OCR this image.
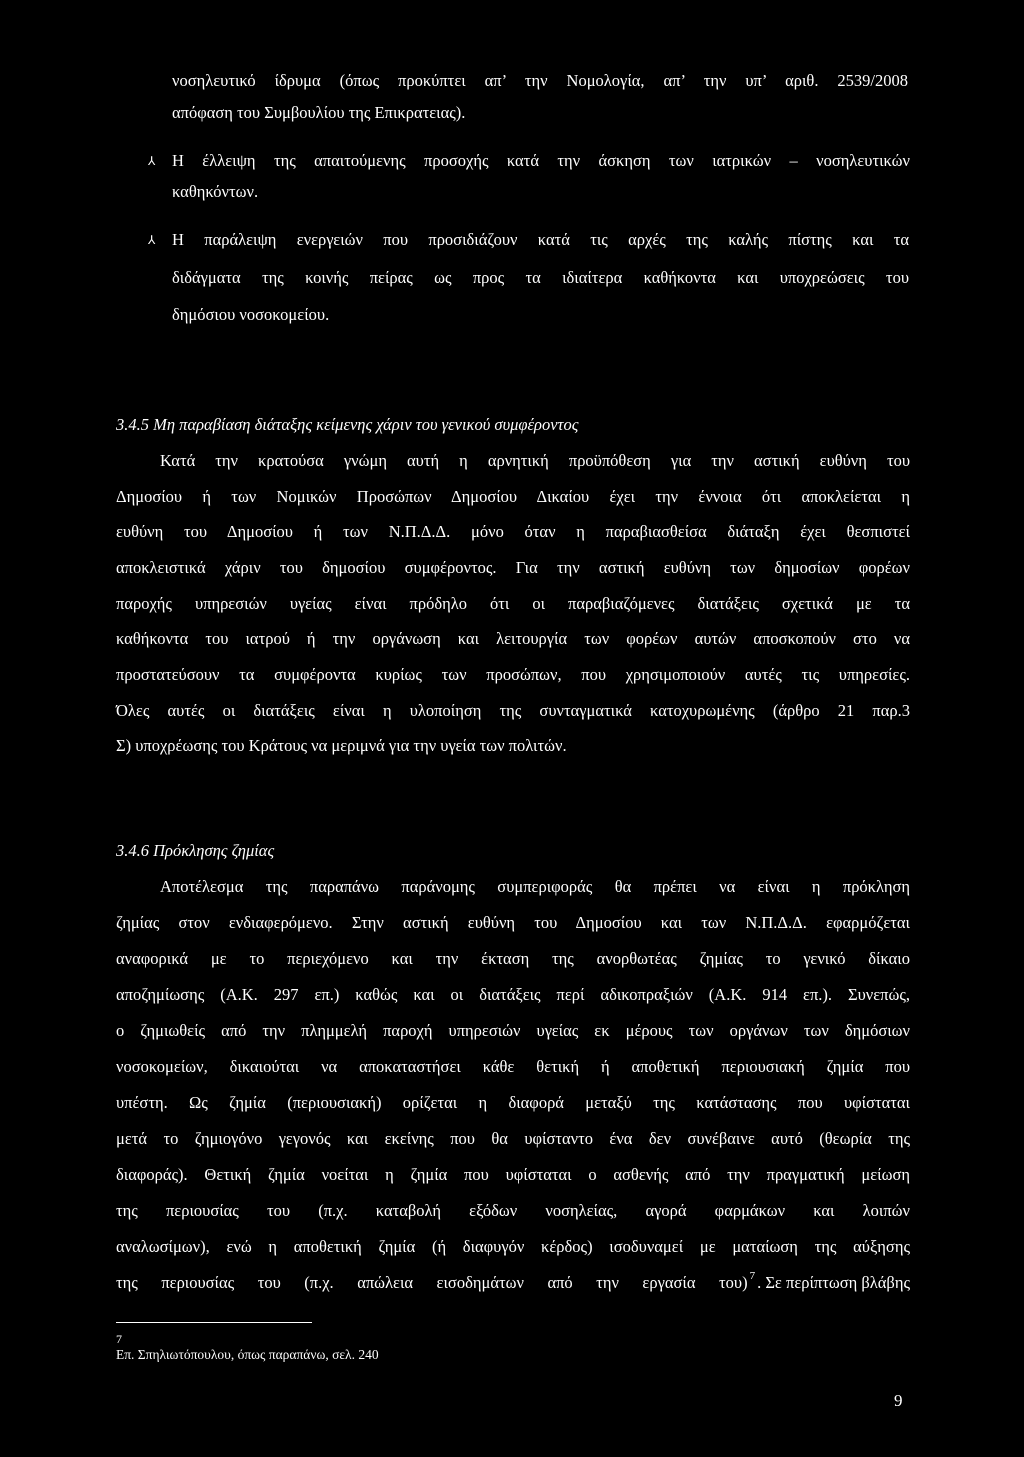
νοσηλευτικό ίδρυμα (όπως προκύπτει απ’ την Νομολογία, απ’ την υπ’ αριθ. 2539/2008
απόφαση του Συμβουλίου της Επικρατειας).
⅄ Η έλλειψη της απαιτούμενης προσοχής κατά την άσκηση των ιατρικών – νοσηλευτικών
καθηκόντων.
⅄ Η παράλειψη ενεργειών που προσιδιάζουν κατά τις αρχές της καλής πίστης και τα
διδάγματα της κοινής πείρας ως προς τα ιδιαίτερα καθήκοντα και υποχρεώσεις του
δημόσιου νοσοκομείου.
3.4.5 Μη παραβίαση διάταξης κείμενης χάριν του γενικού συμφέροντος
Κατά την κρατούσα γνώμη αυτή η αρνητική προϋπόθεση για την αστική ευθύνη του
Δημοσίου ή των Νομικών Προσώπων Δημοσίου Δικαίου έχει την έννοια ότι αποκλείεται η
ευθύνη του Δημοσίου ή των Ν.Π.Δ.Δ. μόνο όταν η παραβιασθείσα διάταξη έχει θεσπιστεί
αποκλειστικά χάριν του δημοσίου συμφέροντος. Για την αστική ευθύνη των δημοσίων φορέων
παροχής υπηρεσιών υγείας είναι πρόδηλο ότι οι παραβιαζόμενες διατάξεις σχετικά με τα
καθήκοντα του ιατρού ή την οργάνωση και λειτουργία των φορέων αυτών αποσκοπούν στο να
προστατεύσουν τα συμφέροντα κυρίως των προσώπων, που χρησιμοποιούν αυτές τις υπηρεσίες.
Όλες αυτές οι διατάξεις είναι η υλοποίηση της συνταγματικά κατοχυρωμένης (άρθρο 21 παρ.3
Σ) υποχρέωσης του Κράτους να μεριμνά για την υγεία των πολιτών.
3.4.6 Πρόκλησης ζημίας
Αποτέλεσμα της παραπάνω παράνομης συμπεριφοράς θα πρέπει να είναι η πρόκληση
ζημίας στον ενδιαφερόμενο. Στην αστική ευθύνη του Δημοσίου και των Ν.Π.Δ.Δ. εφαρμόζεται
αναφορικά με το περιεχόμενο και την έκταση της ανορθωτέας ζημίας το γενικό δίκαιο
αποζημίωσης (Α.Κ. 297 επ.) καθώς και οι διατάξεις περί αδικοπραξιών (Α.Κ. 914 επ.). Συνεπώς,
ο ζημιωθείς από την πλημμελή παροχή υπηρεσιών υγείας εκ μέρους των οργάνων των δημόσιων
νοσοκομείων, δικαιούται να αποκαταστήσει κάθε θετική ή αποθετική περιουσιακή ζημία που
υπέστη. Ως ζημία (περιουσιακή) ορίζεται η διαφορά μεταξύ της κατάστασης που υφίσταται
μετά το ζημιογόνο γεγονός και εκείνης που θα υφίσταντο ένα δεν συνέβαινε αυτό (θεωρία της
διαφοράς). Θετική ζημία νοείται η ζημία που υφίσταται ο ασθενής από την πραγματική μείωση
της περιουσίας του (π.χ. καταβολή εξόδων νοσηλείας, αγορά φαρμάκων και λοιπών
αναλωσίμων), ενώ η αποθετική ζημία (ή διαφυγόν κέρδος) ισοδυναμεί με ματαίωση της αύξησης
της περιουσίας του (π.χ. απώλεια εισοδημάτων από την εργασία του) 7 . Σε περίπτωση βλάβης
7
Επ. Σπηλιωτόπουλου, όπως παραπάνω, σελ. 240
9
